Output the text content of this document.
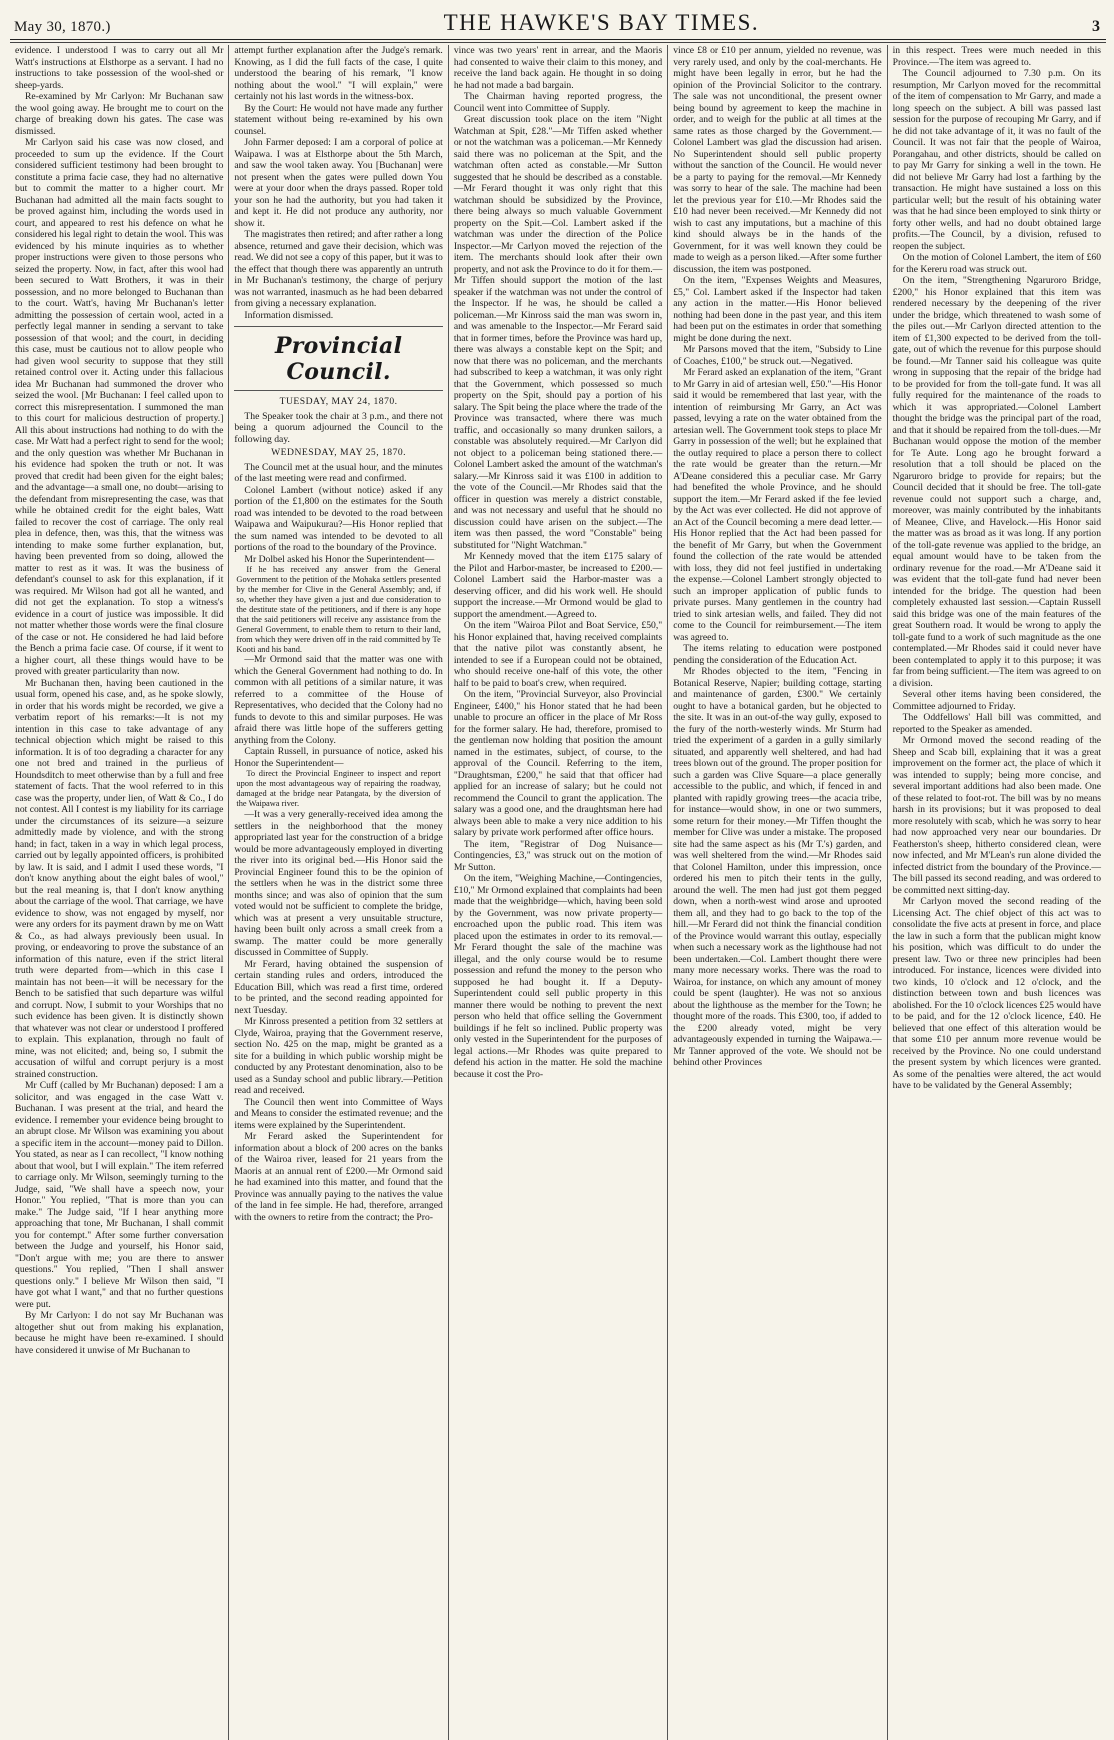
May 30, 1870.)	THE HAWKE'S BAY TIMES.	3

evidence. I understood I was to carry out all Mr Watt's instructions at Elsthorpe as a servant. I had no instructions to take possession of the wool-shed or sheep-yards.

Re-examined by Mr Carlyon: Mr Buchanan saw the wool going away. He brought me to court on the charge of breaking down his gates. The case was dismissed.

Mr Carlyon said his case was now closed, and proceeded to sum up the evidence. If the Court considered sufficient testimony had been brought to constitute a prima facie case, they had no alternative but to commit the matter to a higher court. Mr Buchanan had admitted all the main facts sought to be proved against him, including the words used in court, and appeared to rest his defence on what he considered his legal right to detain the wool. This was evidenced by his minute inquiries as to whether proper instructions were given to those persons who seized the property. Now, in fact, after this wool had been secured to Watt Brothers, it was in their possession, and no more belonged to Buchanan than to the court. Watt's, having Mr Buchanan's letter admitting the possession of certain wool, acted in a perfectly legal manner in sending a servant to take possession of that wool; and the court, in deciding this case, must be cautious not to allow people who had given wool security to suppose that they still retained control over it. Acting under this fallacious idea Mr Buchanan had summoned the drover who seized the wool. [Mr Buchanan: I feel called upon to correct this misrepresentation. I summoned the man to this court for malicious destruction of property.] All this about instructions had nothing to do with the case. Mr Watt had a perfect right to send for the wool; and the only question was whether Mr Buchanan in his evidence had spoken the truth or not. It was proved that credit had been given for the eight bales; and the advantage—a small one, no doubt—arising to the defendant from misrepresenting the case, was that while he obtained credit for the eight bales, Watt failed to recover the cost of carriage. The only real plea in defence, then, was this, that the witness was intending to make some further explanation, but, having been prevented from so doing, allowed the matter to rest as it was. It was the business of defendant's counsel to ask for this explanation, if it was required. Mr Wilson had got all he wanted, and did not get the explanation. To stop a witness's evidence in a court of justice was impossible. It did not matter whether those words were the final closure of the case or not. He considered he had laid before the Bench a prima facie case. Of course, if it went to a higher court, all these things would have to be proved with greater particularity than now.

Mr Buchanan then, having been cautioned in the usual form, opened his case, and, as he spoke slowly, in order that his words might be recorded, we give a verbatim report of his remarks:—It is not my intention in this case to take advantage of any technical objection which might be raised to this information. It is of too degrading a character for any one not bred and trained in the purlieus of Houndsditch to meet otherwise than by a full and free statement of facts. That the wool referred to in this case was the property, under lien, of Watt & Co., I do not contest. All I contest is my liability for its carriage under the circumstances of its seizure—a seizure admittedly made by violence, and with the strong hand; in fact, taken in a way in which legal process, carried out by legally appointed officers, is prohibited by law. It is said, and I admit I used these words, "I don't know anything about the eight bales of wool," but the real meaning is, that I don't know anything about the carriage of the wool. That carriage, we have evidence to show, was not engaged by myself, nor were any orders for its payment drawn by me on Watt & Co., as had always previously been usual. In proving, or endeavoring to prove the substance of an information of this nature, even if the strict literal truth were departed from—which in this case I maintain has not been—it will be necessary for the Bench to be satisfied that such departure was wilful and corrupt. Now, I submit to your Worships that no such evidence has been given. It is distinctly shown that whatever was not clear or understood I proffered to explain. This explanation, through no fault of mine, was not elicited; and, being so, I submit the accusation of wilful and corrupt perjury is a most strained construction.

Mr Cuff (called by Mr Buchanan) deposed: I am a solicitor, and was engaged in the case Watt v. Buchanan. I was present at the trial, and heard the evidence. I remember your evidence being brought to an abrupt close. Mr Wilson was examining you about a specific item in the account—money paid to Dillon. You stated, as near as I can recollect, "I know nothing about that wool, but I will explain." The item referred to carriage only. Mr Wilson, seemingly turning to the Judge, said, "We shall have a speech now, your Honor." You replied, "That is more than you can make." The Judge said, "If I hear anything more approaching that tone, Mr Buchanan, I shall commit you for contempt." After some further conversation between the Judge and yourself, his Honor said, "Don't argue with me; you are there to answer questions." You replied, "Then I shall answer questions only." I believe Mr Wilson then said, "I have got what I want," and that no further questions were put.

By Mr Carlyon: I do not say Mr Buchanan was altogether shut out from making his explanation, because he might have been re-examined. I should have considered it unwise of Mr Buchanan to

attempt further explanation after the Judge's remark. Knowing, as I did the full facts of the case, I quite understood the bearing of his remark, "I know nothing about the wool." "I will explain," were certainly not his last words in the witness-box.

By the Court: He would not have made any further statement without being re-examined by his own counsel.

John Farmer deposed: I am a corporal of police at Waipawa. I was at Elsthorpe about the 5th March, and saw the wool taken away. You [Buchanan] were not present when the gates were pulled down You were at your door when the drays passed. Roper told your son he had the authority, but you had taken it and kept it. He did not produce any authority, nor show it.

The magistrates then retired; and after rather a long absence, returned and gave their decision, which was read. We did not see a copy of this paper, but it was to the effect that though there was apparently an untruth in Mr Buchanan's testimony, the charge of perjury was not warranted, inasmuch as he had been debarred from giving a necessary explanation.

Information dismissed.

Provincial Council.

TUESDAY, MAY 24, 1870.

The Speaker took the chair at 3 p.m., and there not being a quorum adjourned the Council to the following day.

WEDNESDAY, MAY 25, 1870.

The Council met at the usual hour, and the minutes of the last meeting were read and confirmed.

Colonel Lambert (without notice) asked if any portion of the £1,800 on the estimates for the South road was intended to be devoted to the road between Waipawa and Waipukurau?—His Honor replied that the sum named was intended to be devoted to all portions of the road to the boundary of the Province.

Mr Dolbel asked his Honor the Superintendent—

If he has received any answer from the General Government to the petition of the Mohaka settlers presented by the member for Clive in the General Assembly; and, if so, whether they have given a just and due consideration to the destitute state of the petitioners, and if there is any hope that the said petitioners will receive any assistance from the General Government, to enable them to return to their land, from which they were driven off in the raid committed by Te Kooti and his band.

—Mr Ormond said that the matter was one with which the General Government had nothing to do. In common with all petitions of a similar nature, it was referred to a committee of the House of Representatives, who decided that the Colony had no funds to devote to this and similar purposes. He was afraid there was little hope of the sufferers getting anything from the Colony.

Captain Russell, in pursuance of notice, asked his Honor the Superintendent—

To direct the Provincial Engineer to inspect and report upon the most advantageous way of repairing the roadway, damaged at the bridge near Patangata, by the diversion of the Waipawa river.

—It was a very generally-received idea among the settlers in the neighborhood that the money appropriated last year for the construction of a bridge would be more advantageously employed in diverting the river into its original bed.—His Honor said the Provincial Engineer found this to be the opinion of the settlers when he was in the district some three months since; and was also of opinion that the sum voted would not be sufficient to complete the bridge, which was at present a very unsuitable structure, having been built only across a small creek from a swamp. The matter could be more generally discussed in Committee of Supply.

Mr Ferard, having obtained the suspension of certain standing rules and orders, introduced the Education Bill, which was read a first time, ordered to be printed, and the second reading appointed for next Tuesday.

Mr Kinross presented a petition from 32 settlers at Clyde, Wairoa, praying that the Government reserve, section No. 425 on the map, might be granted as a site for a building in which public worship might be conducted by any Protestant denomination, also to be used as a Sunday school and public library.—Petition read and received.

The Council then went into Committee of Ways and Means to consider the estimated revenue; and the items were explained by the Superintendent.

Mr Ferard asked the Superintendent for information about a block of 200 acres on the banks of the Wairoa river, leased for 21 years from the Maoris at an annual rent of £200.—Mr Ormond said he had examined into this matter, and found that the Province was annually paying to the natives the value of the land in fee simple. He had, therefore, arranged with the owners to retire from the contract; the Pro-

vince was two years' rent in arrear, and the Maoris had consented to waive their claim to this money, and receive the land back again. He thought in so doing he had not made a bad bargain.

The Chairman having reported progress, the Council went into Committee of Supply.

Great discussion took place on the item "Night Watchman at Spit, £28."—Mr Tiffen asked whether or not the watchman was a policeman.—Mr Kennedy said there was no policeman at the Spit, and the watchman often acted as constable.—Mr Sutton suggested that he should be described as a constable.—Mr Ferard thought it was only right that this watchman should be subsidized by the Province, there being always so much valuable Government property on the Spit.—Col. Lambert asked if the watchman was under the direction of the Police Inspector.—Mr Carlyon moved the rejection of the item. The merchants should look after their own property, and not ask the Province to do it for them.—Mr Tiffen should support the motion of the last speaker if the watchman was not under the control of the Inspector. If he was, he should be called a policeman.—Mr Kinross said the man was sworn in, and was amenable to the Inspector.—Mr Ferard said that in former times, before the Province was hard up, there was always a constable kept on the Spit; and now that there was no policeman, and the merchants had subscribed to keep a watchman, it was only right that the Government, which possessed so much property on the Spit, should pay a portion of his salary. The Spit being the place where the trade of the Province was transacted, where there was much traffic, and occasionally so many drunken sailors, a constable was absolutely required.—Mr Carlyon did not object to a policeman being stationed there.—Colonel Lambert asked the amount of the watchman's salary.—Mr Kinross said it was £100 in addition to the vote of the Council.—Mr Rhodes said that the officer in question was merely a district constable, and was not necessary and useful that he should no discussion could have arisen on the subject.—The item was then passed, the word "Constable" being substituted for "Night Watchman."

Mr Kennedy moved that the item £175 salary of the Pilot and Harbor-master, be increased to £200.—Colonel Lambert said the Harbor-master was a deserving officer, and did his work well. He should support the increase.—Mr Ormond would be glad to support the amendment.—Agreed to.

On the item "Wairoa Pilot and Boat Service, £50," his Honor explained that, having received complaints that the native pilot was constantly absent, he intended to see if a European could not be obtained, who should receive one-half of this vote, the other half to be paid to boat's crew, when required.

On the item, "Provincial Surveyor, also Provincial Engineer, £400," his Honor stated that he had been unable to procure an officer in the place of Mr Ross for the former salary. He had, therefore, promised to the gentleman now holding that position the amount named in the estimates, subject, of course, to the approval of the Council. Referring to the item, "Draughtsman, £200," he said that that officer had applied for an increase of salary; but he could not recommend the Council to grant the application. The salary was a good one, and the draughtsman here had always been able to make a very nice addition to his salary by private work performed after office hours.

The item, "Registrar of Dog Nuisance—Contingencies, £3," was struck out on the motion of Mr Sutton.

On the item, "Weighing Machine,—Contingencies, £10," Mr Ormond explained that complaints had been made that the weighbridge—which, having been sold by the Government, was now private property—encroached upon the public road. This item was placed upon the estimates in order to its removal.—Mr Ferard thought the sale of the machine was illegal, and the only course would be to resume possession and refund the money to the person who supposed he had bought it. If a Deputy-Superintendent could sell public property in this manner there would be nothing to prevent the next person who held that office selling the Government buildings if he felt so inclined. Public property was only vested in the Superintendent for the purposes of legal actions.—Mr Rhodes was quite prepared to defend his action in the matter. He sold the machine because it cost the Pro-

vince £8 or £10 per annum, yielded no revenue, was very rarely used, and only by the coal-merchants. He might have been legally in error, but he had the opinion of the Provincial Solicitor to the contrary. The sale was not unconditional, the present owner being bound by agreement to keep the machine in order, and to weigh for the public at all times at the same rates as those charged by the Government.—Colonel Lambert was glad the discussion had arisen. No Superintendent should sell public property without the sanction of the Council. He would never be a party to paying for the removal.—Mr Kennedy was sorry to hear of the sale. The machine had been let the previous year for £10.—Mr Rhodes said the £10 had never been received.—Mr Kennedy did not wish to cast any imputations, but a machine of this kind should always be in the hands of the Government, for it was well known they could be made to weigh as a person liked.—After some further discussion, the item was postponed.

On the item, "Expenses Weights and Measures, £5," Col. Lambert asked if the Inspector had taken any action in the matter.—His Honor believed nothing had been done in the past year, and this item had been put on the estimates in order that something might be done during the next.

Mr Parsons moved that the item, "Subsidy to Line of Coaches, £100," be struck out.—Negatived.

Mr Ferard asked an explanation of the item, "Grant to Mr Garry in aid of artesian well, £50."—His Honor said it would be remembered that last year, with the intention of reimbursing Mr Garry, an Act was passed, levying a rate on the water obtained from the artesian well. The Government took steps to place Mr Garry in possession of the well; but he explained that the outlay required to place a person there to collect the rate would be greater than the return.—Mr A'Deane considered this a peculiar case. Mr Garry had benefited the whole Province, and he should support the item.—Mr Ferard asked if the fee levied by the Act was ever collected. He did not approve of an Act of the Council becoming a mere dead letter.—His Honor replied that the Act had been passed for the benefit of Mr Garry, but when the Government found the collection of the rate would be attended with loss, they did not feel justified in undertaking the expense.—Colonel Lambert strongly objected to such an improper application of public funds to private purses. Many gentlemen in the country had tried to sink artesian wells, and failed. They did not come to the Council for reimbursement.—The item was agreed to.

The items relating to education were postponed pending the consideration of the Education Act.

Mr Rhodes objected to the item, "Fencing in Botanical Reserve, Napier; building cottage, starting and maintenance of garden, £300." We certainly ought to have a botanical garden, but he objected to the site. It was in an out-of-the way gully, exposed to the fury of the north-westerly winds. Mr Sturm had tried the experiment of a garden in a gully similarly situated, and apparently well sheltered, and had had trees blown out of the ground. The proper position for such a garden was Clive Square—a place generally accessible to the public, and which, if fenced in and planted with rapidly growing trees—the acacia tribe, for instance—would show, in one or two summers, some return for their money.—Mr Tiffen thought the member for Clive was under a mistake. The proposed site had the same aspect as his (Mr T.'s) garden, and was well sheltered from the wind.—Mr Rhodes said that Colonel Hamilton, under this impression, once ordered his men to pitch their tents in the gully, around the well. The men had just got them pegged down, when a north-west wind arose and uprooted them all, and they had to go back to the top of the hill.—Mr Ferard did not think the financial condition of the Province would warrant this outlay, especially when such a necessary work as the lighthouse had not been undertaken.—Col. Lambert thought there were many more necessary works. There was the road to Wairoa, for instance, on which any amount of money could be spent (laughter). He was not so anxious about the lighthouse as the member for the Town; he thought more of the roads. This £300, too, if added to the £200 already voted, might be very advantageously expended in turning the Waipawa.—Mr Tanner approved of the vote. We should not be behind other Provinces

in this respect. Trees were much needed in this Province.—The item was agreed to.

The Council adjourned to 7.30 p.m. On its resumption, Mr Carlyon moved for the recommittal of the item of compensation to Mr Garry, and made a long speech on the subject. A bill was passed last session for the purpose of recouping Mr Garry, and if he did not take advantage of it, it was no fault of the Council. It was not fair that the people of Wairoa, Porangahau, and other districts, should be called on to pay Mr Garry for sinking a well in the town. He did not believe Mr Garry had lost a farthing by the transaction. He might have sustained a loss on this particular well; but the result of his obtaining water was that he had since been employed to sink thirty or forty other wells, and had no doubt obtained large profits.—The Council, by a division, refused to reopen the subject.

On the motion of Colonel Lambert, the item of £60 for the Kereru road was struck out.

On the item, "Strengthening Ngaruroro Bridge, £200," his Honor explained that this item was rendered necessary by the deepening of the river under the bridge, which threatened to wash some of the piles out.—Mr Carlyon directed attention to the item of £1,300 expected to be derived from the toll-gate, out of which the revenue for this purpose should be found.—Mr Tanner said his colleague was quite wrong in supposing that the repair of the bridge had to be provided for from the toll-gate fund. It was all fully required for the maintenance of the roads to which it was appropriated.—Colonel Lambert thought the bridge was the principal part of the road, and that it should be repaired from the toll-dues.—Mr Buchanan would oppose the motion of the member for Te Aute. Long ago he brought forward a resolution that a toll should be placed on the Ngaruroro bridge to provide for repairs; but the Council decided that it should be free. The toll-gate revenue could not support such a charge, and, moreover, was mainly contributed by the inhabitants of Meanee, Clive, and Havelock.—His Honor said the matter was as broad as it was long. If any portion of the toll-gate revenue was applied to the bridge, an equal amount would have to be taken from the ordinary revenue for the road.—Mr A'Deane said it was evident that the toll-gate fund had never been intended for the bridge. The question had been completely exhausted last session.—Captain Russell said this bridge was one of the main features of the great Southern road. It would be wrong to apply the toll-gate fund to a work of such magnitude as the one contemplated.—Mr Rhodes said it could never have been contemplated to apply it to this purpose; it was far from being sufficient.—The item was agreed to on a division.

Several other items having been considered, the Committee adjourned to Friday.

The Oddfellows' Hall bill was committed, and reported to the Speaker as amended.

Mr Ormond moved the second reading of the Sheep and Scab bill, explaining that it was a great improvement on the former act, the place of which it was intended to supply; being more concise, and several important additions had also been made. One of these related to foot-rot. The bill was by no means harsh in its provisions; but it was proposed to deal more resolutely with scab, which he was sorry to hear had now approached very near our boundaries. Dr Featherston's sheep, hitherto considered clean, were now infected, and Mr M'Lean's run alone divided the infected district from the boundary of the Province.—The bill passed its second reading, and was ordered to be committed next sitting-day.

Mr Carlyon moved the second reading of the Licensing Act. The chief object of this act was to consolidate the five acts at present in force, and place the law in such a form that the publican might know his position, which was difficult to do under the present law. Two or three new principles had been introduced. For instance, licences were divided into two kinds, 10 o'clock and 12 o'clock, and the distinction between town and bush licences was abolished. For the 10 o'clock licences £25 would have to be paid, and for the 12 o'clock licence, £40. He believed that one effect of this alteration would be that some £10 per annum more revenue would be received by the Province. No one could understand the present system by which licences were granted. As some of the penalties were altered, the act would have to be validated by the General Assembly;
